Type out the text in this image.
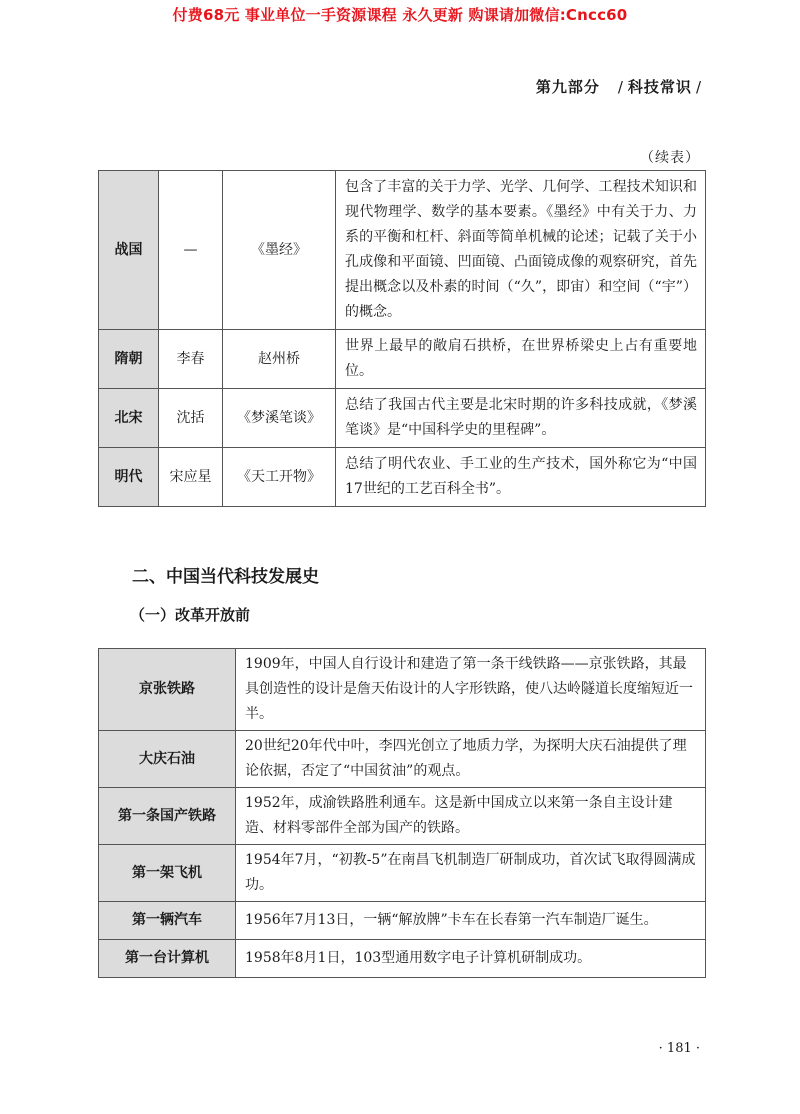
付费68元 事业单位一手资源课程 永久更新 购课请加微信:Cncc60
第九部分 / 科技常识 /
（续表）
战国	—	《墨经》	包含了丰富的关于力学、光学、几何学、工程技术知识和现代物理学、数学的基本要素。《墨经》中有关于力、力系的平衡和杠杆、斜面等简单机械的论述；记载了关于小孔成像和平面镜、凹面镜、凸面镜成像的观察研究，首先提出概念以及朴素的时间（“久”，即宙）和空间（“宇”）的概念。
隋朝	李春	赵州桥	世界上最早的敞肩石拱桥，在世界桥梁史上占有重要地位。
北宋	沈括	《梦溪笔谈》	总结了我国古代主要是北宋时期的许多科技成就，《梦溪笔谈》是“中国科学史的里程碑”。
明代	宋应星	《天工开物》	总结了明代农业、手工业的生产技术，国外称它为“中国17世纪的工艺百科全书”。
二、中国当代科技发展史
（一）改革开放前
京张铁路	1909年，中国人自行设计和建造了第一条干线铁路——京张铁路，其最具创造性的设计是詹天佑设计的人字形铁路，使八达岭隧道长度缩短近一半。
大庆石油	20世纪20年代中叶，李四光创立了地质力学，为探明大庆石油提供了理论依据，否定了“中国贫油”的观点。
第一条国产铁路	1952年，成渝铁路胜利通车。这是新中国成立以来第一条自主设计建造、材料零部件全部为国产的铁路。
第一架飞机	1954年7月，“初教-5”在南昌飞机制造厂研制成功，首次试飞取得圆满成功。
第一辆汽车	1956年7月13日，一辆“解放牌”卡车在长春第一汽车制造厂诞生。
第一台计算机	1958年8月1日，103型通用数字电子计算机研制成功。
· 181 ·
